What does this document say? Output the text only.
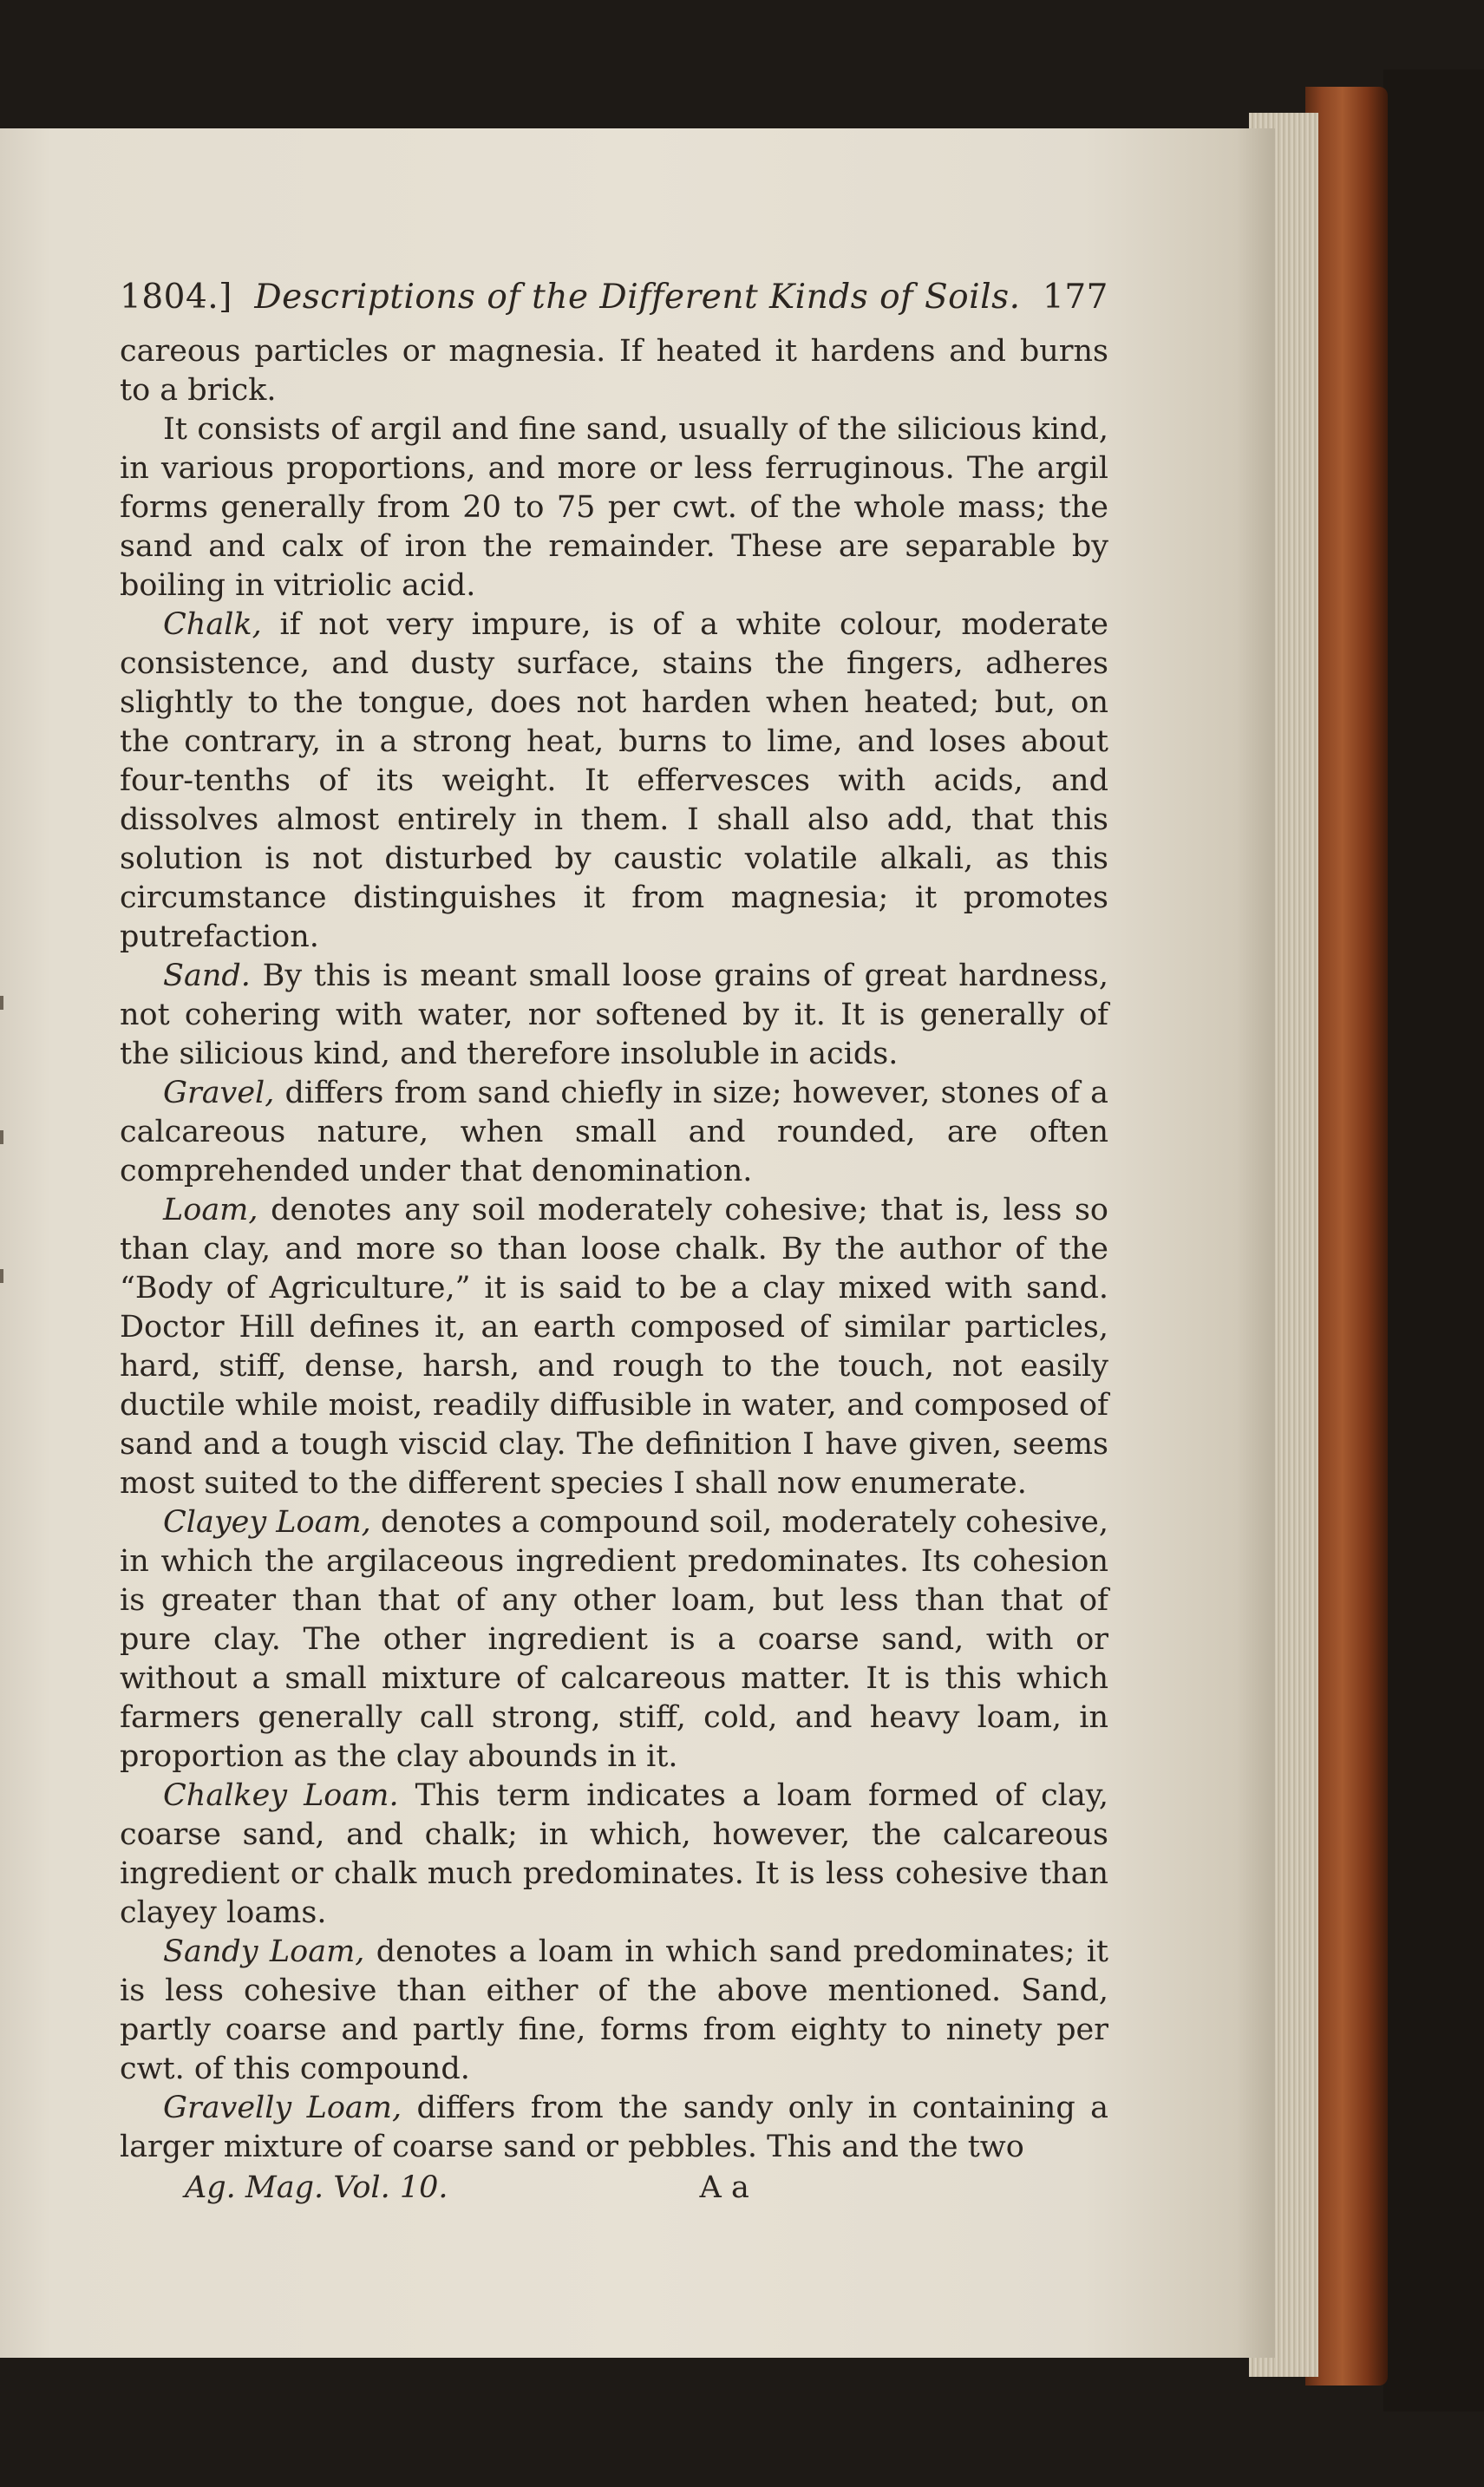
1804.] Descriptions of the Different Kinds of Soils. 177

careous particles or magnesia. If heated it hardens and burns to a brick.

It consists of argil and fine sand, usually of the silicious kind, in various proportions, and more or less ferruginous. The argil forms generally from 20 to 75 per cwt. of the whole mass; the sand and calx of iron the remainder. These are separable by boiling in vitriolic acid.

Chalk, if not very impure, is of a white colour, moderate consistence, and dusty surface, stains the fingers, adheres slightly to the tongue, does not harden when heated; but, on the contrary, in a strong heat, burns to lime, and loses about four-tenths of its weight. It effervesces with acids, and dissolves almost entirely in them. I shall also add, that this solution is not disturbed by caustic volatile alkali, as this circumstance distinguishes it from magnesia; it promotes putrefaction.

Sand. By this is meant small loose grains of great hardness, not cohering with water, nor softened by it. It is generally of the silicious kind, and therefore insoluble in acids.

Gravel, differs from sand chiefly in size; however, stones of a calcareous nature, when small and rounded, are often comprehended under that denomination.

Loam, denotes any soil moderately cohesive; that is, less so than clay, and more so than loose chalk. By the author of the “Body of Agriculture,” it is said to be a clay mixed with sand. Doctor Hill defines it, an earth composed of similar particles, hard, stiff, dense, harsh, and rough to the touch, not easily ductile while moist, readily diffusible in water, and composed of sand and a tough viscid clay. The definition I have given, seems most suited to the different species I shall now enumerate.

Clayey Loam, denotes a compound soil, moderately cohesive, in which the argilaceous ingredient predominates. Its cohesion is greater than that of any other loam, but less than that of pure clay. The other ingredient is a coarse sand, with or without a small mixture of calcareous matter. It is this which farmers generally call strong, stiff, cold, and heavy loam, in proportion as the clay abounds in it.

Chalkey Loam. This term indicates a loam formed of clay, coarse sand, and chalk; in which, however, the calcareous ingredient or chalk much predominates. It is less cohesive than clayey loams.

Sandy Loam, denotes a loam in which sand predominates; it is less cohesive than either of the above mentioned. Sand, partly coarse and partly fine, forms from eighty to ninety per cwt. of this compound.

Gravelly Loam, differs from the sandy only in containing a larger mixture of coarse sand or pebbles. This and the two

Ag. Mag. Vol. 10.	A a
